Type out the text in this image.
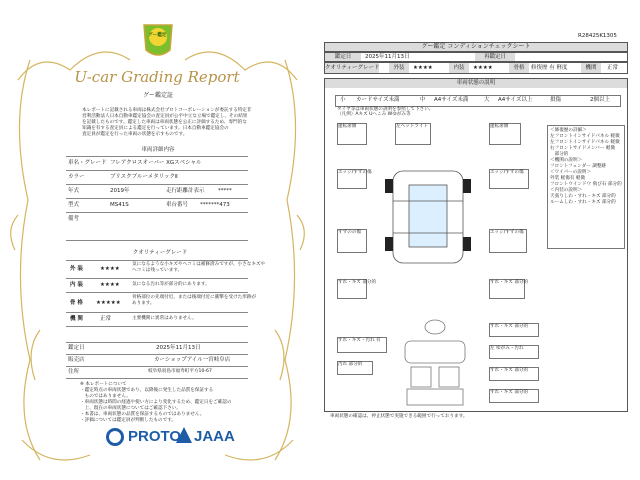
グー鑑定
U-car Grading Report
グー鑑定証
本レポートに記載される車両は株式会社プロトコーポレーションが委託する特定非
営利活動法人日本自動車鑑定協会の査定員が公平中立な立場で鑑定し、その結果
を記載したものです。鑑定した車両は車両状態を公正に評価するため、専門的な
知識を有する査定員による鑑定を行っています。日本自動車鑑定協会の
査定員が鑑定を行った車両の状態を示すものです。
車両詳細内容
車名・グレード フレアクロスオーバー XGスペシャル
カラー	ブリスクブルーメタリックⅡ
年式	2019年	走行距離計表示 *****
型式	MS41S	車台番号 *******473
備考
クオリティーグレード
外 装	★★★★
気になるような小キズやヘコミは補修済みですが、小さなキズや
ヘコミは残っています。
内 装	★★★★	気になる汚れ等が部分的にあります。
骨 格 ★★★★★
骨格部位の先端付近、または後端付近に衝撃を受けた形跡が
あります。
機 関	正常	主要機関に異常はありません。
鑑定日	2025年11月13日
販売店	カーショップアイル一宮岐阜店
住所	岐阜県羽島市福寿町平方10-67
※ 本レポートについて
・鑑定時点の車両状態であり、以降後に発生した品質を保証する
　ものではありません。
・車両状態は時間の経過や使い方により変化するため、鑑定日をご確認の
　上、現在の車両状態についてはご確認下さい。
・本書は、車両状態の品質を保証するものではありません。
・評価については鑑定員が判断したものです。
PROTO JAAA
R28425K1305
グー鑑定 コンディションチェックシート
鑑定日	2025年11月13日	再鑑定日
クオリティーグレード	外装	★★★★	内装	★★★★	骨格	修復歴 有 軽度	機関	正常
車両状態の説明
小 カードサイズ未満	中 A4サイズ未満	大 A4サイズ以上	損傷	2個以上
タイヤ等は車両状態の説明を参照して下さい。
（凡例）Aキズ Uへこみ Wゆがみ等
運転席側	左ヘッドライト	運転席側
エッジ/すずの傷	エッジ/すずの傷
すずのの傷	エッジ/すずの傷
＜修復歴の詳細＞
左フロントインサイドパネル 軽微
左フロントインサイドパネル 軽微
右フロントサイドメンバー 軽微
　部分的
＜機関の説明＞
フロントフェンダー 調整跡
＜ワイパーの説明＞
外装 軽傷有 軽微
フロントウインドウ 飛び石 部分的
＜内装の説明＞
天張りしわ・すれ・キズ 部分的
ルームしわ・すれ・キズ 部分的
すれ・キズ 部分的	すれ・キズ 部分的
すれ・キズ 部分的
すれ・キズ・汚れ 有
左 ゆがみ・汚れ
汚れ 部分的
すれ・キズ 部分的
すれ・キズ 部分的
車両状態の確認は、停止状態で実施できる範囲で行っております。
